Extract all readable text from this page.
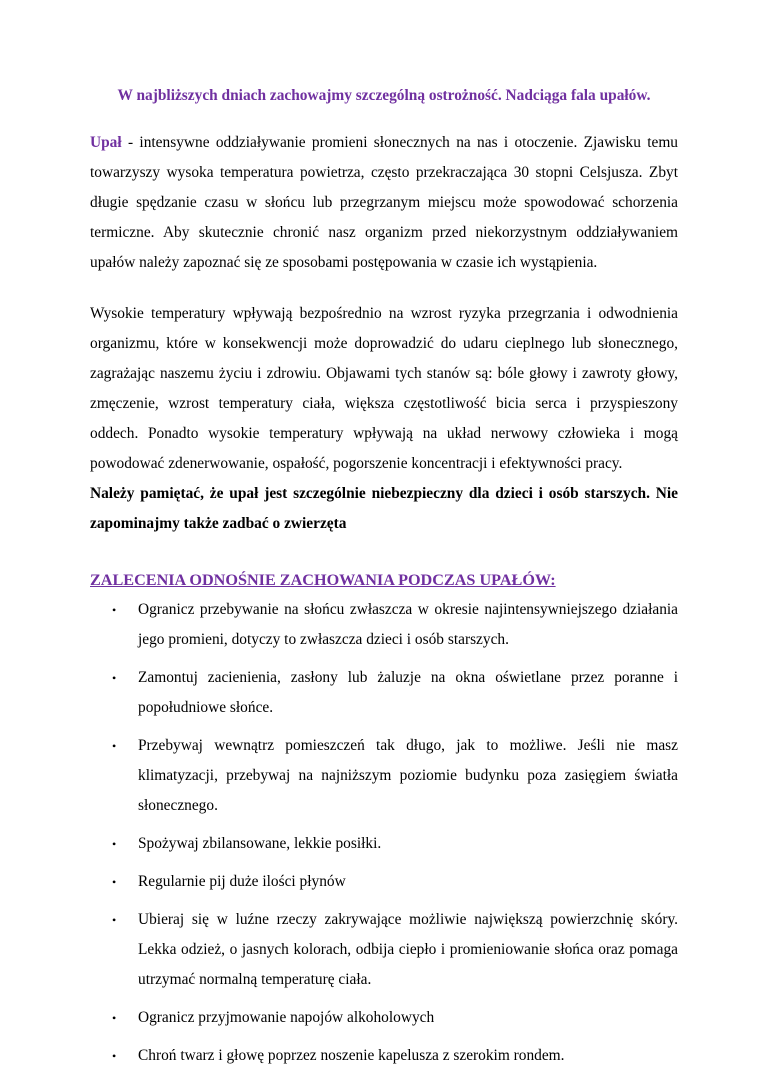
W najbliższych dniach zachowajmy szczególną ostrożność. Nadciąga fala upałów.

Upał - intensywne oddziaływanie promieni słonecznych na nas i otoczenie. Zjawisku temu towarzyszy wysoka temperatura powietrza, często przekraczająca 30 stopni Celsjusza. Zbyt długie spędzanie czasu w słońcu lub przegrzanym miejscu może spowodować schorzenia termiczne. Aby skutecznie chronić nasz organizm przed niekorzystnym oddziaływaniem upałów należy zapoznać się ze sposobami postępowania w czasie ich wystąpienia.

Wysokie temperatury wpływają bezpośrednio na wzrost ryzyka przegrzania i odwodnienia organizmu, które w konsekwencji może doprowadzić do udaru cieplnego lub słonecznego, zagrażając naszemu życiu i zdrowiu. Objawami tych stanów są: bóle głowy i zawroty głowy, zmęczenie, wzrost temperatury ciała, większa częstotliwość bicia serca i przyspieszony oddech. Ponadto wysokie temperatury wpływają na układ nerwowy człowieka i mogą powodować zdenerwowanie, ospałość, pogorszenie koncentracji i efektywności pracy.

Należy pamiętać, że upał jest szczególnie niebezpieczny dla dzieci i osób starszych. Nie zapominajmy także zadbać o zwierzęta

ZALECENIA ODNOŚNIE ZACHOWANIA PODCZAS UPAŁÓW:

• Ogranicz przebywanie na słońcu zwłaszcza w okresie najintensywniejszego działania jego promieni, dotyczy to zwłaszcza dzieci i osób starszych.
• Zamontuj zacienienia, zasłony lub żaluzje na okna oświetlane przez poranne i popołudniowe słońce.
• Przebywaj wewnątrz pomieszczeń tak długo, jak to możliwe. Jeśli nie masz klimatyzacji, przebywaj na najniższym poziomie budynku poza zasięgiem światła słonecznego.
• Spożywaj zbilansowane, lekkie posiłki.
• Regularnie pij duże ilości płynów
• Ubieraj się w luźne rzeczy zakrywające możliwie największą powierzchnię skóry. Lekka odzież, o jasnych kolorach, odbija ciepło i promieniowanie słońca oraz pomaga utrzymać normalną temperaturę ciała.
• Ogranicz przyjmowanie napojów alkoholowych
• Chroń twarz i głowę poprzez noszenie kapelusza z szerokim rondem.
